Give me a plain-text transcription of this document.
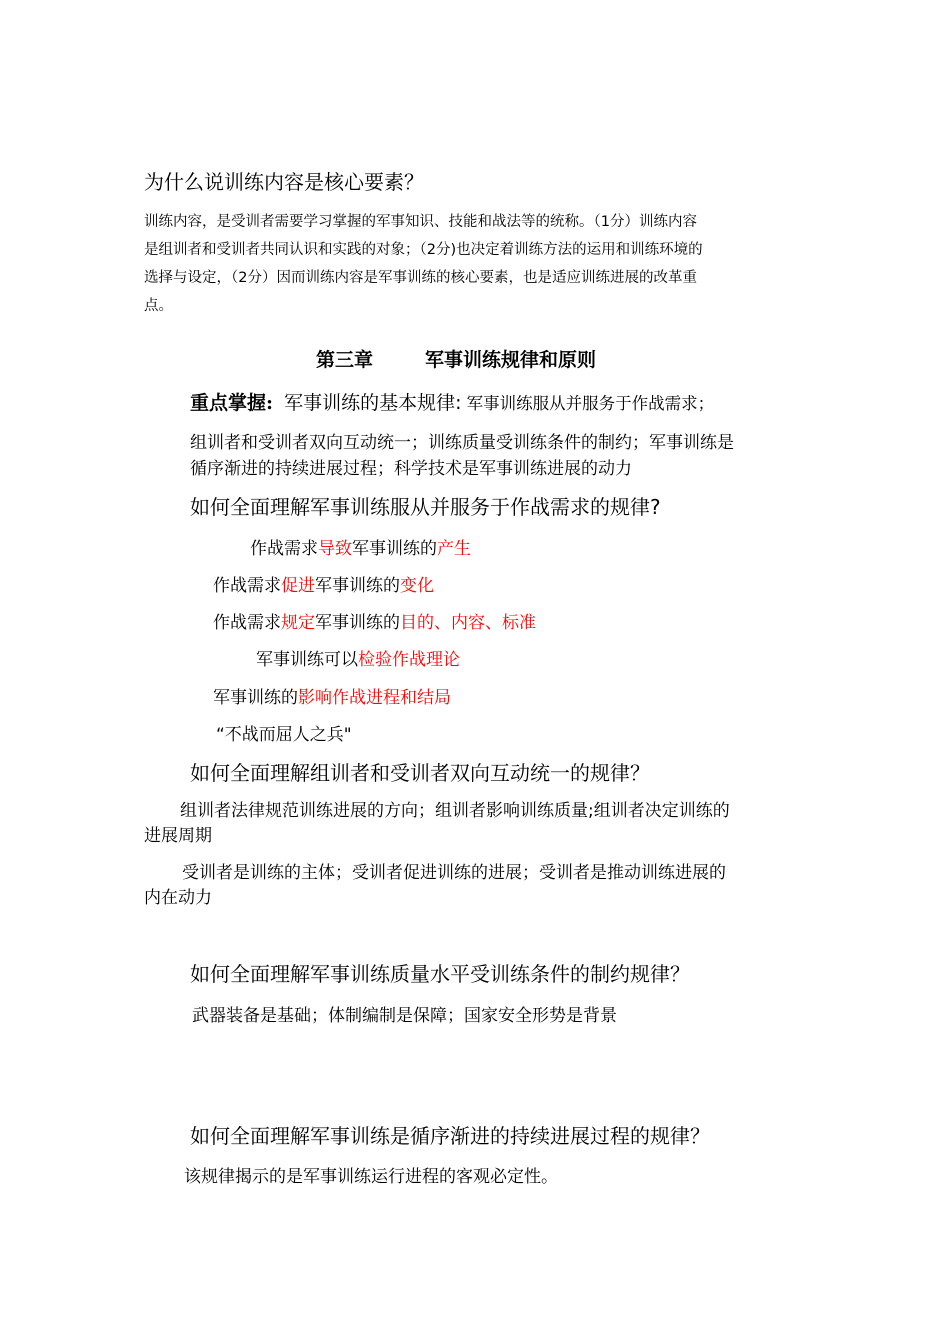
为什么说训练内容是核心要素？
训练内容，是受训者需要学习掌握的军事知识、技能和战法等的统称。（1分）训练内容
是组训者和受训者共同认识和实践的对象；（2分)也决定着训练方法的运用和训练环境的
选择与设定，（2分）因而训练内容是军事训练的核心要素，也是适应训练进展的改革重
点。
第三章	军事训练规律和原则
重点掌握: 军事训练的基本规律: 军事训练服从并服务于作战需求；
组训者和受训者双向互动统一；训练质量受训练条件的制约；军事训练是
循序渐进的持续进展过程；科学技术是军事训练进展的动力
如何全面理解军事训练服从并服务于作战需求的规律?
作战需求导致军事训练的产生
作战需求促进军事训练的变化
作战需求规定军事训练的目的、内容、标准
军事训练可以检验作战理论
军事训练的影响作战进程和结局
“不战而屈人之兵"
如何全面理解组训者和受训者双向互动统一的规律？
组训者法律规范训练进展的方向；组训者影响训练质量;组训者决定训练的
进展周期
受训者是训练的主体；受训者促进训练的进展；受训者是推动训练进展的
内在动力
如何全面理解军事训练质量水平受训练条件的制约规律？
武器装备是基础；体制编制是保障；国家安全形势是背景
如何全面理解军事训练是循序渐进的持续进展过程的规律？
该规律揭示的是军事训练运行进程的客观必定性。
